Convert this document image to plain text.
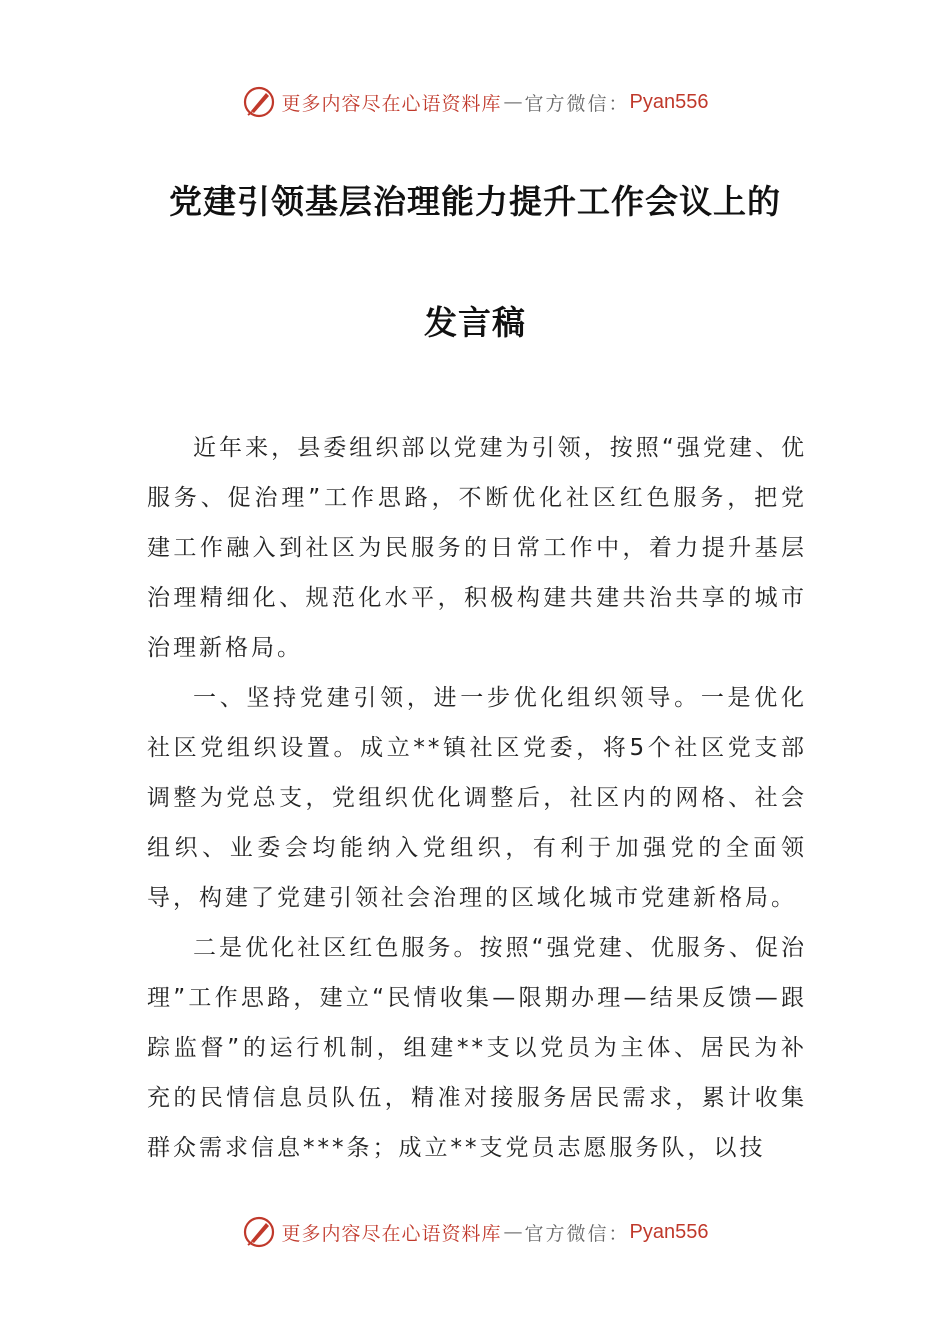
更多内容尽在心语资料库 — 官方微信： Pyan556
党建引领基层治理能力提升工作会议上的
发言稿

近年来，县委组织部以党建为引领，按照“强党建、优服务、促治理”工作思路，不断优化社区红色服务，把党建工作融入到社区为民服务的日常工作中，着力提升基层治理精细化、规范化水平，积极构建共建共治共享的城市治理新格局。

一、坚持党建引领，进一步优化组织领导。一是优化社区党组织设置。成立**镇社区党委，将5个社区党支部调整为党总支，党组织优化调整后，社区内的网格、社会组织、业委会均能纳入党组织，有利于加强党的全面领导，构建了党建引领社会治理的区域化城市党建新格局。

二是优化社区红色服务。按照“强党建、优服务、促治理”工作思路，建立“民情收集—限期办理—结果反馈—跟踪监督”的运行机制，组建**支以党员为主体、居民为补充的民情信息员队伍，精准对接服务居民需求，累计收集群众需求信息***条；成立**支党员志愿服务队，以技

更多内容尽在心语资料库 — 官方微信： Pyan556
